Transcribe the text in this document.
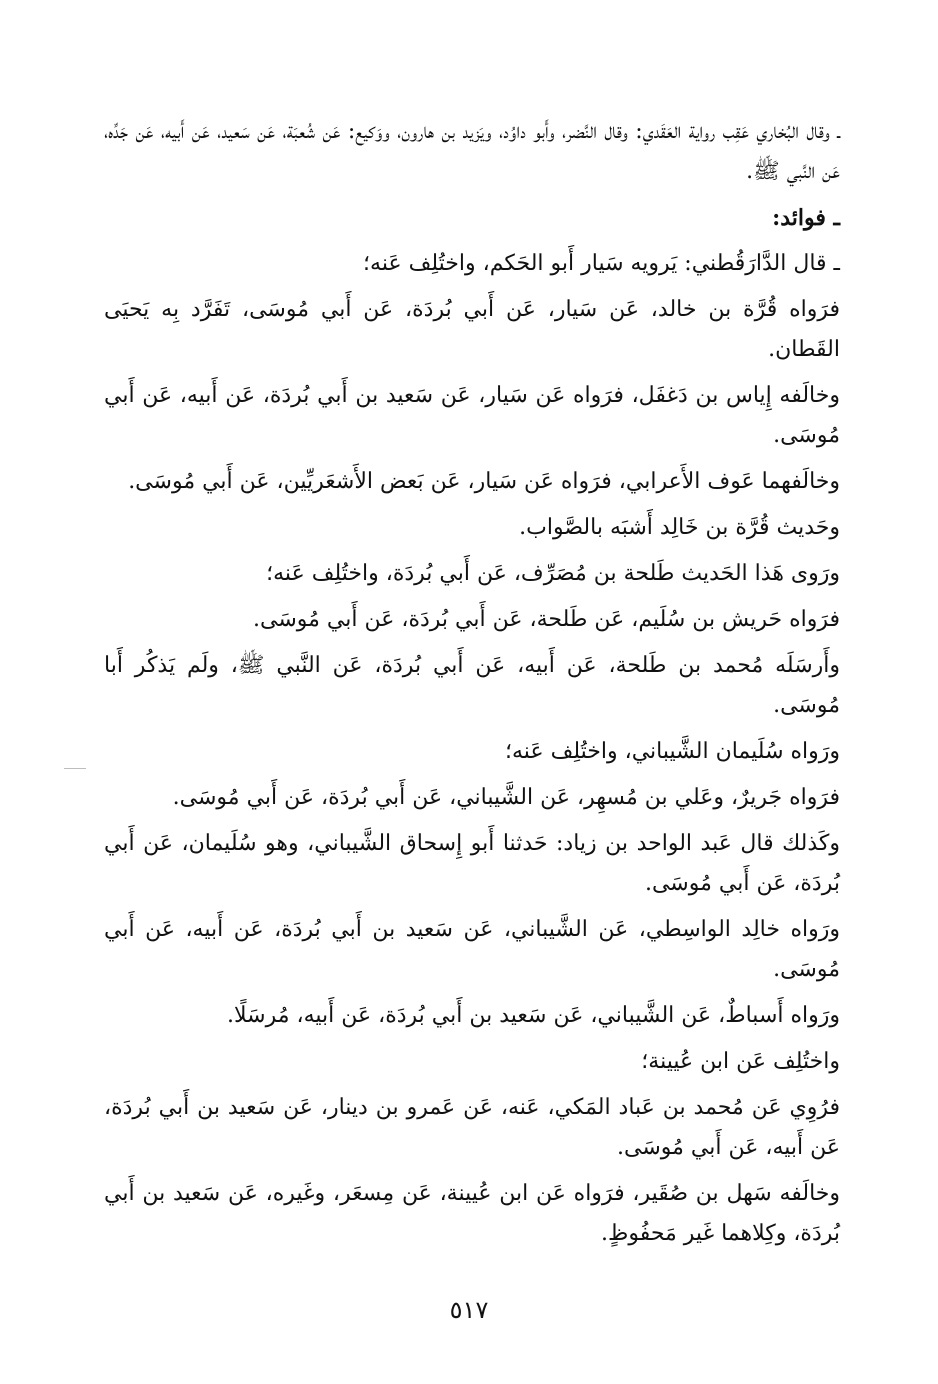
ـ وقال البُخاري عَقِب رواية العَقَدي: وقال النَّضر، وأَبو داوُد، ويَزيد بن هارون، ووَكيع: عَن شُعبَة، عَن سَعيد، عَن أَبيه، عَن جَدِّه، عَن النَّبي ﷺ.

ـ فوائد:

ـ قال الدَّارَقُطني: يَرويه سَيار أَبو الحَكم، واختُلِف عَنه؛

فرَواه قُرَّة بن خالد، عَن سَيار، عَن أَبي بُردَة، عَن أَبي مُوسَى، تَفَرَّد بِه يَحيَى القَطان.

وخالَفه إِياس بن دَغفَل، فرَواه عَن سَيار، عَن سَعيد بن أَبي بُردَة، عَن أَبيه، عَن أَبي مُوسَى.

وخالَفهما عَوف الأَعرابي، فرَواه عَن سَيار، عَن بَعض الأَشعَريِّين، عَن أَبي مُوسَى.

وحَديث قُرَّة بن خَالِد أَشبَه بالصَّواب.

ورَوى هَذا الحَديث طَلحة بن مُصَرِّف، عَن أَبي بُردَة، واختُلِف عَنه؛

فرَواه حَريش بن سُلَيم، عَن طَلحة، عَن أَبي بُردَة، عَن أَبي مُوسَى.

وأَرسَلَه مُحمد بن طَلحة، عَن أَبيه، عَن أَبي بُردَة، عَن النَّبي ﷺ، ولَم يَذكُر أَبا مُوسَى.

ورَواه سُلَيمان الشَّيباني، واختُلِف عَنه؛

فرَواه جَريرٌ، وعَلي بن مُسهِر، عَن الشَّيباني، عَن أَبي بُردَة، عَن أَبي مُوسَى.

وكَذلك قال عَبد الواحد بن زياد: حَدثنا أَبو إِسحاق الشَّيباني، وهو سُلَيمان، عَن أَبي بُردَة، عَن أَبي مُوسَى.

ورَواه خالِد الواسِطي، عَن الشَّيباني، عَن سَعيد بن أَبي بُردَة، عَن أَبيه، عَن أَبي مُوسَى.

ورَواه أَسباطٌ، عَن الشَّيباني، عَن سَعيد بن أَبي بُردَة، عَن أَبيه، مُرسَلًا.

واختُلِف عَن ابن عُيينة؛

فرُوِي عَن مُحمد بن عَباد المَكي، عَنه، عَن عَمرو بن دينار، عَن سَعيد بن أَبي بُردَة، عَن أَبيه، عَن أَبي مُوسَى.

وخالَفه سَهل بن صُقَير، فرَواه عَن ابن عُيينة، عَن مِسعَر، وغَيره، عَن سَعيد بن أَبي بُردَة، وكِلاهما غَير مَحفُوظٍ.

٥١٧
